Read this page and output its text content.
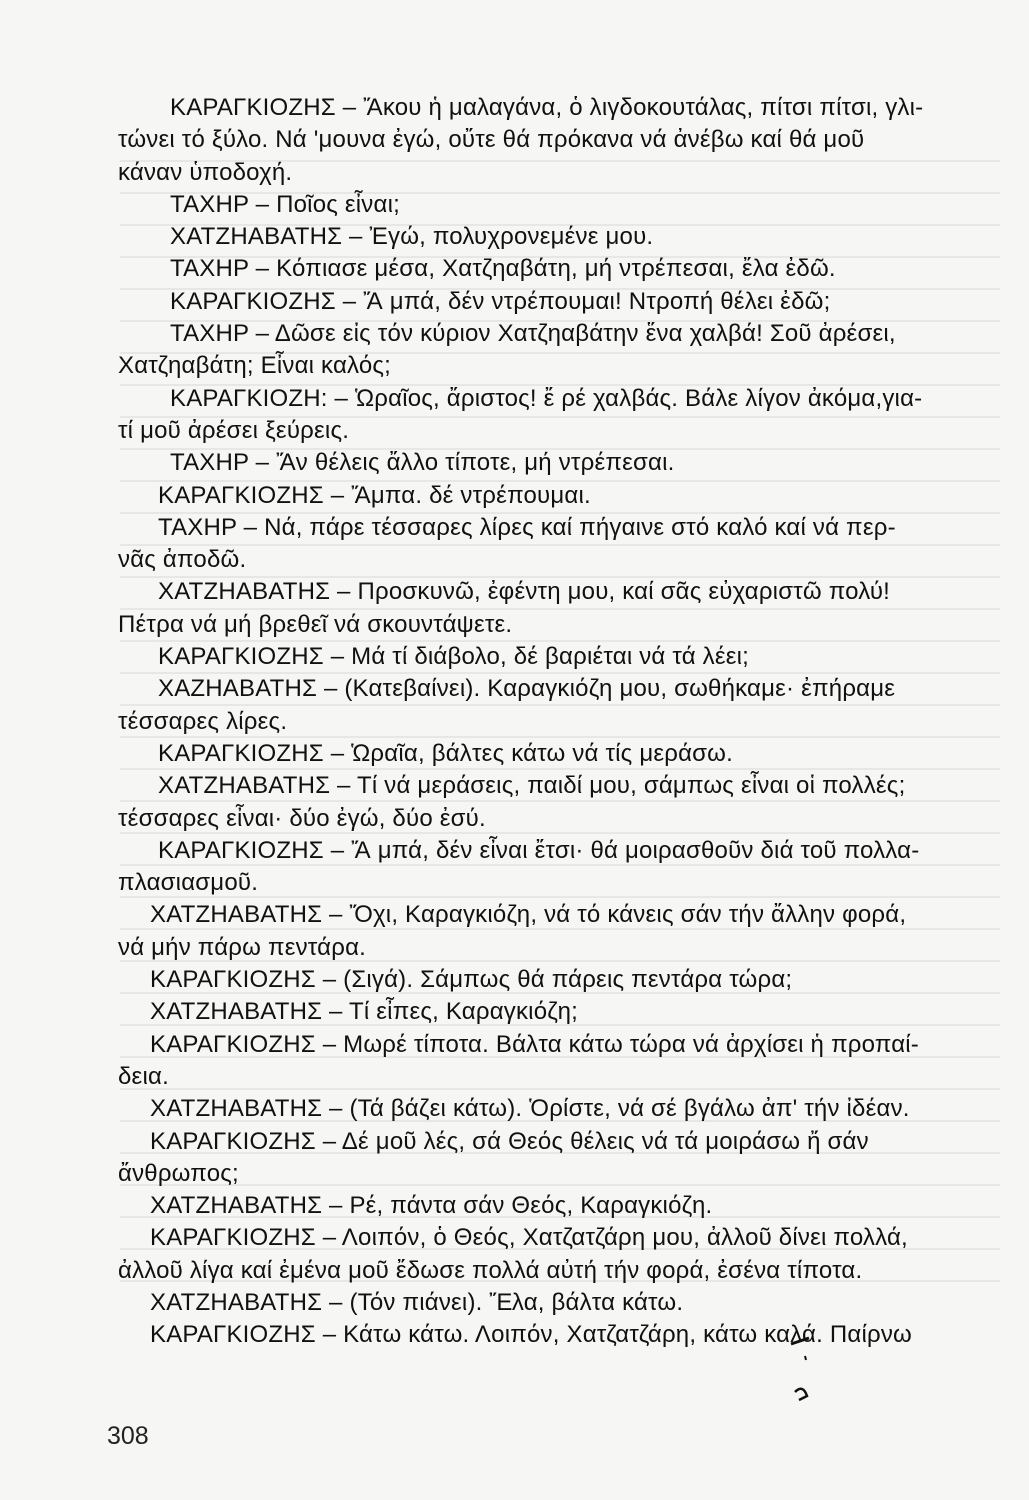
ΚΑΡΑΓΚΙΟΖΗΣ – Ἄκου ἡ μαλαγάνα, ὁ λιγδοκουτάλας, πίτσι πίτσι, γλι-
τώνει τό ξύλο. Νά 'μουνα ἐγώ, οὔτε θά πρόκανα νά ἀνέβω καί θά μοῦ
κάναν ὑποδοχή.
ΤΑΧΗΡ – Ποῖος εἶναι;
ΧΑΤΖΗΑΒΑΤΗΣ – Ἐγώ, πολυχρονεμένε μου.
ΤΑΧΗΡ – Κόπιασε μέσα, Χατζηαβάτη, μή ντρέπεσαι, ἔλα ἐδῶ.
ΚΑΡΑΓΚΙΟΖΗΣ – Ἄ μπά, δέν ντρέπουμαι! Ντροπή θέλει ἐδῶ;
ΤΑΧΗΡ – Δῶσε εἰς τόν κύριον Χατζηαβάτην ἕνα χαλβά! Σοῦ ἀρέσει,
Χατζηαβάτη; Εἶναι καλός;
ΚΑΡΑΓΚΙΟΖΗ: – Ὡραῖος, ἄριστος! ἔ ρέ χαλβάς. Βάλε λίγον ἀκόμα,για-
τί μοῦ ἀρέσει ξεύρεις.
ΤΑΧΗΡ – Ἄν θέλεις ἄλλο τίποτε, μή ντρέπεσαι.
ΚΑΡΑΓΚΙΟΖΗΣ – Ἄμπα. δέ ντρέπουμαι.
ΤΑΧΗΡ – Νά, πάρε τέσσαρες λίρες καί πήγαινε στό καλό καί νά περ-
νᾶς ἀποδῶ.
ΧΑΤΖΗΑΒΑΤΗΣ – Προσκυνῶ, ἐφέντη μου, καί σᾶς εὐχαριστῶ πολύ!
Πέτρα νά μή βρεθεῖ νά σκουντάψετε.
ΚΑΡΑΓΚΙΟΖΗΣ – Μά τί διάβολο, δέ βαριέται νά τά λέει;
ΧΑΖΗΑΒΑΤΗΣ – (Κατεβαίνει). Καραγκιόζη μου, σωθήκαμε· ἐπήραμε
τέσσαρες λίρες.
ΚΑΡΑΓΚΙΟΖΗΣ – Ὡραῖα, βάλτες κάτω νά τίς μεράσω.
ΧΑΤΖΗΑΒΑΤΗΣ – Τί νά μεράσεις, παιδί μου, σάμπως εἶναι οἱ πολλές;
τέσσαρες εἶναι· δύο ἐγώ, δύο ἐσύ.
ΚΑΡΑΓΚΙΟΖΗΣ – Ἄ μπά, δέν εἶναι ἔτσι· θά μοιρασθοῦν διά τοῦ πολλα-
πλασιασμοῦ.
ΧΑΤΖΗΑΒΑΤΗΣ – Ὄχι, Καραγκιόζη, νά τό κάνεις σάν τήν ἄλλην φορά,
νά μήν πάρω πεντάρα.
ΚΑΡΑΓΚΙΟΖΗΣ – (Σιγά). Σάμπως θά πάρεις πεντάρα τώρα;
ΧΑΤΖΗΑΒΑΤΗΣ – Τί εἶπες, Καραγκιόζη;
ΚΑΡΑΓΚΙΟΖΗΣ – Μωρέ τίποτα. Βάλτα κάτω τώρα νά ἀρχίσει ἡ προπαί-
δεια.
ΧΑΤΖΗΑΒΑΤΗΣ – (Τά βάζει κάτω). Ὁρίστε, νά σέ βγάλω ἀπ' τήν ἰδέαν.
ΚΑΡΑΓΚΙΟΖΗΣ – Δέ μοῦ λές, σά Θεός θέλεις νά τά μοιράσω ἤ σάν
ἄνθρωπος;
ΧΑΤΖΗΑΒΑΤΗΣ – Ρέ, πάντα σάν Θεός, Καραγκιόζη.
ΚΑΡΑΓΚΙΟΖΗΣ – Λοιπόν, ὁ Θεός, Χατζατζάρη μου, ἀλλοῦ δίνει πολλά,
ἀλλοῦ λίγα καί ἐμένα μοῦ ἔδωσε πολλά αὐτή τήν φορά, ἐσένα τίποτα.
ΧΑΤΖΗΑΒΑΤΗΣ – (Τόν πιάνει). Ἔλα, βάλτα κάτω.
ΚΑΡΑΓΚΙΟΖΗΣ – Κάτω κάτω. Λοιπόν, Χατζατζάρη, κάτω καλά. Παίρνω
308
